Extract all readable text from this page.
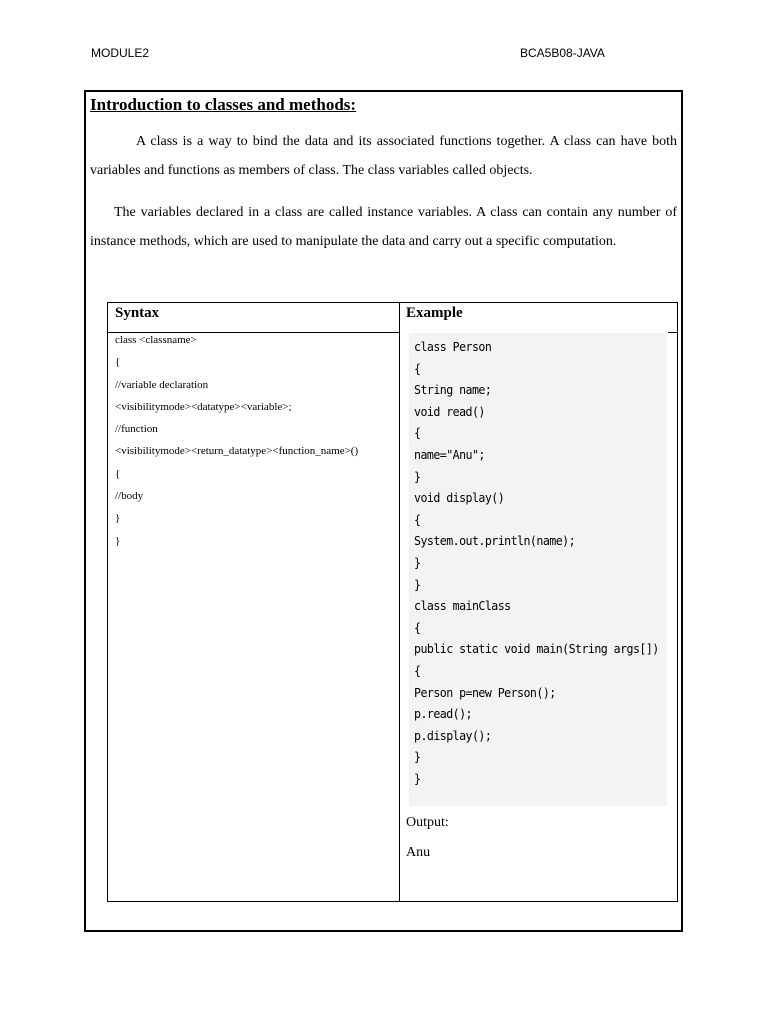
MODULE2	BCA5B08-JAVA
Introduction to classes and methods:

A class is a way to bind the data and its associated functions together. A class can have both variables and functions as members of class. The class variables called objects.

The variables declared in a class are called instance variables. A class can contain any number of instance methods, which are used to manipulate the data and carry out a specific computation.

Syntax	Example
class <classname>
{
//variable declaration
<visibilitymode><datatype><variable>;
//function
<visibilitymode><return_datatype><function_name>()
{
//body
}
}
class Person
{
String name;
void read()
{
name="Anu";
}
void display()
{
System.out.println(name);
}
}
class mainClass
{
public static void main(String args[])
{
Person p=new Person();
p.read();
p.display();
}
}
Output:
Anu
